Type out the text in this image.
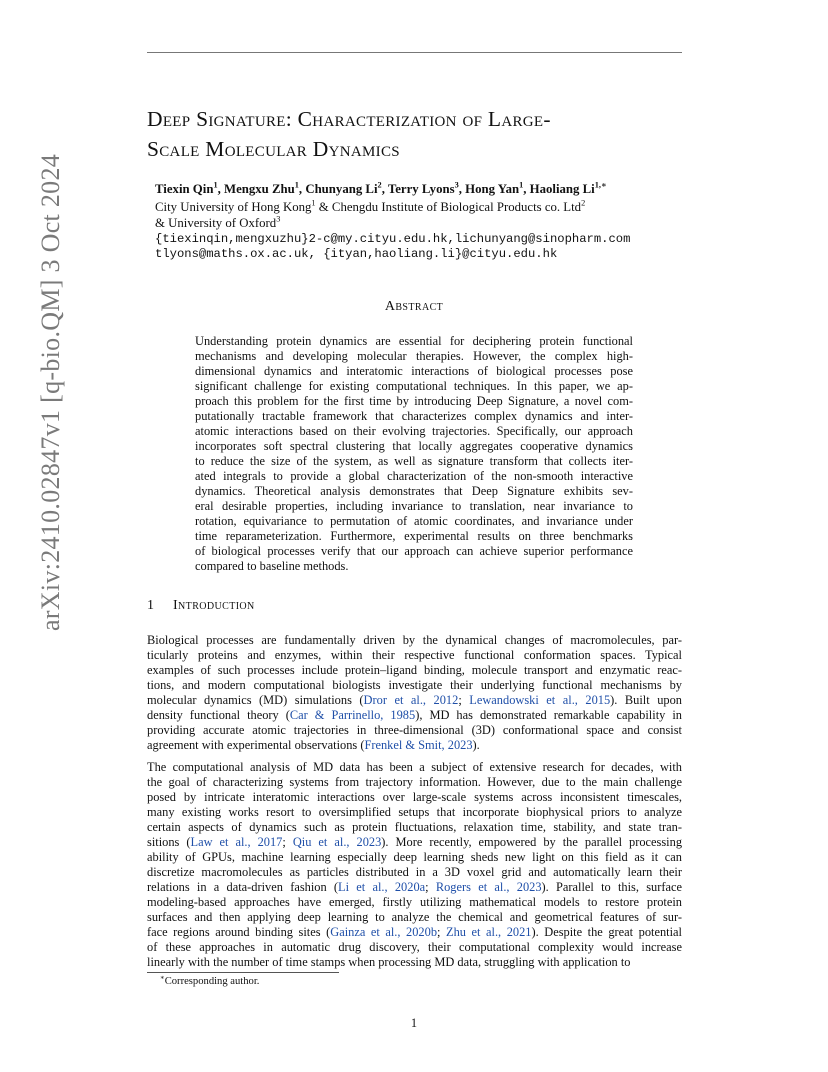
arXiv:2410.02847v1 [q-bio.QM] 3 Oct 2024
Deep Signature: Characterization of Large-
Scale Molecular Dynamics
Tiexin Qin$^1$, Mengxu Zhu$^1$, Chunyang Li$^2$, Terry Lyons$^3$, Hong Yan$^1$, Haoliang $Li^{1,∗}$
City University of Hong Kong$^1$ & Chengdu Institute of Biological Products co. Ltd$^2$
& University of Oxford$^3$
{tiexinqin,mengxuzhu}2-c@my.cityu.edu.hk,lichunyang@sinopharm.com
tlyons@maths.ox.ac.uk, {ityan,haoliang.li}@cityu.edu.hk
Abstract
Understanding protein dynamics are essential for deciphering protein functional
mechanisms and developing molecular therapies. However, the complex high-
dimensional dynamics and interatomic interactions of biological processes pose
significant challenge for existing computational techniques. In this paper, we ap-
proach this problem for the first time by introducing Deep Signature, a novel com-
putationally tractable framework that characterizes complex dynamics and inter-
atomic interactions based on their evolving trajectories. Specifically, our approach
incorporates soft spectral clustering that locally aggregates cooperative dynamics
to reduce the size of the system, as well as signature transform that collects iter-
ated integrals to provide a global characterization of the non-smooth interactive
dynamics. Theoretical analysis demonstrates that Deep Signature exhibits sev-
eral desirable properties, including invariance to translation, near invariance to
rotation, equivariance to permutation of atomic coordinates, and invariance under
time reparameterization. Furthermore, experimental results on three benchmarks
of biological processes verify that our approach can achieve superior performance
compared to baseline methods.
1 Introduction
Biological processes are fundamentally driven by the dynamical changes of macromolecules, par-
ticularly proteins and enzymes, within their respective functional conformation spaces. Typical
examples of such processes include protein–ligand binding, molecule transport and enzymatic reac-
tions, and modern computational biologists investigate their underlying functional mechanisms by
molecular dynamics (MD) simulations (Dror et al., 2012; Lewandowski et al., 2015). Built upon
density functional theory (Car & Parrinello, 1985), MD has demonstrated remarkable capability in
providing accurate atomic trajectories in three-dimensional (3D) conformational space and consist
agreement with experimental observations (Frenkel & Smit, 2023).
The computational analysis of MD data has been a subject of extensive research for decades, with
the goal of characterizing systems from trajectory information. However, due to the main challenge
posed by intricate interatomic interactions over large-scale systems across inconsistent timescales,
many existing works resort to oversimplified setups that incorporate biophysical priors to analyze
certain aspects of dynamics such as protein fluctuations, relaxation time, stability, and state tran-
sitions (Law et al., 2017; Qiu et al., 2023). More recently, empowered by the parallel processing
ability of GPUs, machine learning especially deep learning sheds new light on this field as it can
discretize macromolecules as particles distributed in a 3D voxel grid and automatically learn their
relations in a data-driven fashion (Li et al., 2020a; Rogers et al., 2023). Parallel to this, surface
modeling-based approaches have emerged, firstly utilizing mathematical models to restore protein
surfaces and then applying deep learning to analyze the chemical and geometrical features of sur-
face regions around binding sites (Gainza et al., 2020b; Zhu et al., 2021). Despite the great potential
of these approaches in automatic drug discovery, their computational complexity would increase
linearly with the number of time stamps when processing MD data, struggling with application to
∗Corresponding author.
1
